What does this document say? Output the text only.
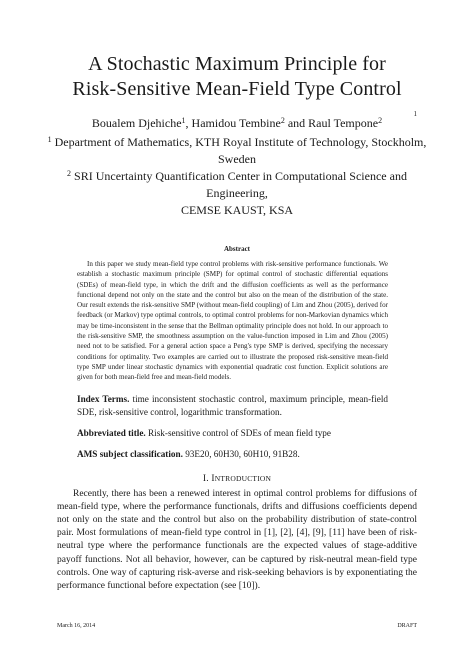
1
A Stochastic Maximum Principle for
Risk-Sensitive Mean-Field Type Control
Boualem Djehiche$^1$, Hamidou Tembine$^2$ and Raul Tempone$^2$
$^1$ Department of Mathematics, KTH Royal Institute of Technology, Stockholm,
Sweden
$^2$ SRI Uncertainty Quantification Center in Computational Science and
Engineering,
CEMSE KAUST, KSA
Abstract
In this paper we study mean-field type control problems with risk-sensitive performance functionals. We establish a stochastic maximum principle (SMP) for optimal control of stochastic differential equations (SDEs) of mean-field type, in which the drift and the diffusion coefficients as well as the performance functional depend not only on the state and the control but also on the mean of the distribution of the state. Our result extends the risk-sensitive SMP (without mean-field coupling) of Lim and Zhou (2005), derived for feedback (or Markov) type optimal controls, to optimal control problems for non-Markovian dynamics which may be time-inconsistent in the sense that the Bellman optimality principle does not hold. In our approach to the risk-sensitive SMP, the smoothness assumption on the value-function imposed in Lim and Zhou (2005) need not to be satisfied. For a general action space a Peng's type SMP is derived, specifying the necessary conditions for optimality. Two examples are carried out to illustrate the proposed risk-sensitive mean-field type SMP under linear stochastic dynamics with exponential quadratic cost function. Explicit solutions are given for both mean-field free and mean-field models.
Index Terms. time inconsistent stochastic control, maximum principle, mean-field SDE, risk-sensitive control, logarithmic transformation.
Abbreviated title. Risk-sensitive control of SDEs of mean field type
AMS subject classification. 93E20, 60H30, 60H10, 91B28.
I. INTRODUCTION
Recently, there has been a renewed interest in optimal control problems for diffusions of mean-field type, where the performance functionals, drifts and diffusions coefficients depend not only on the state and the control but also on the probability distribution of state-control pair. Most formulations of mean-field type control in [1], [2], [4], [9], [11] have been of risk-neutral type where the performance functionals are the expected values of stage-additive payoff functions. Not all behavior, however, can be captured by risk-neutral mean-field type controls. One way of capturing risk-averse and risk-seeking behaviors is by exponentiating the performance functional before expectation (see [10]).
March 16, 2014	DRAFT
